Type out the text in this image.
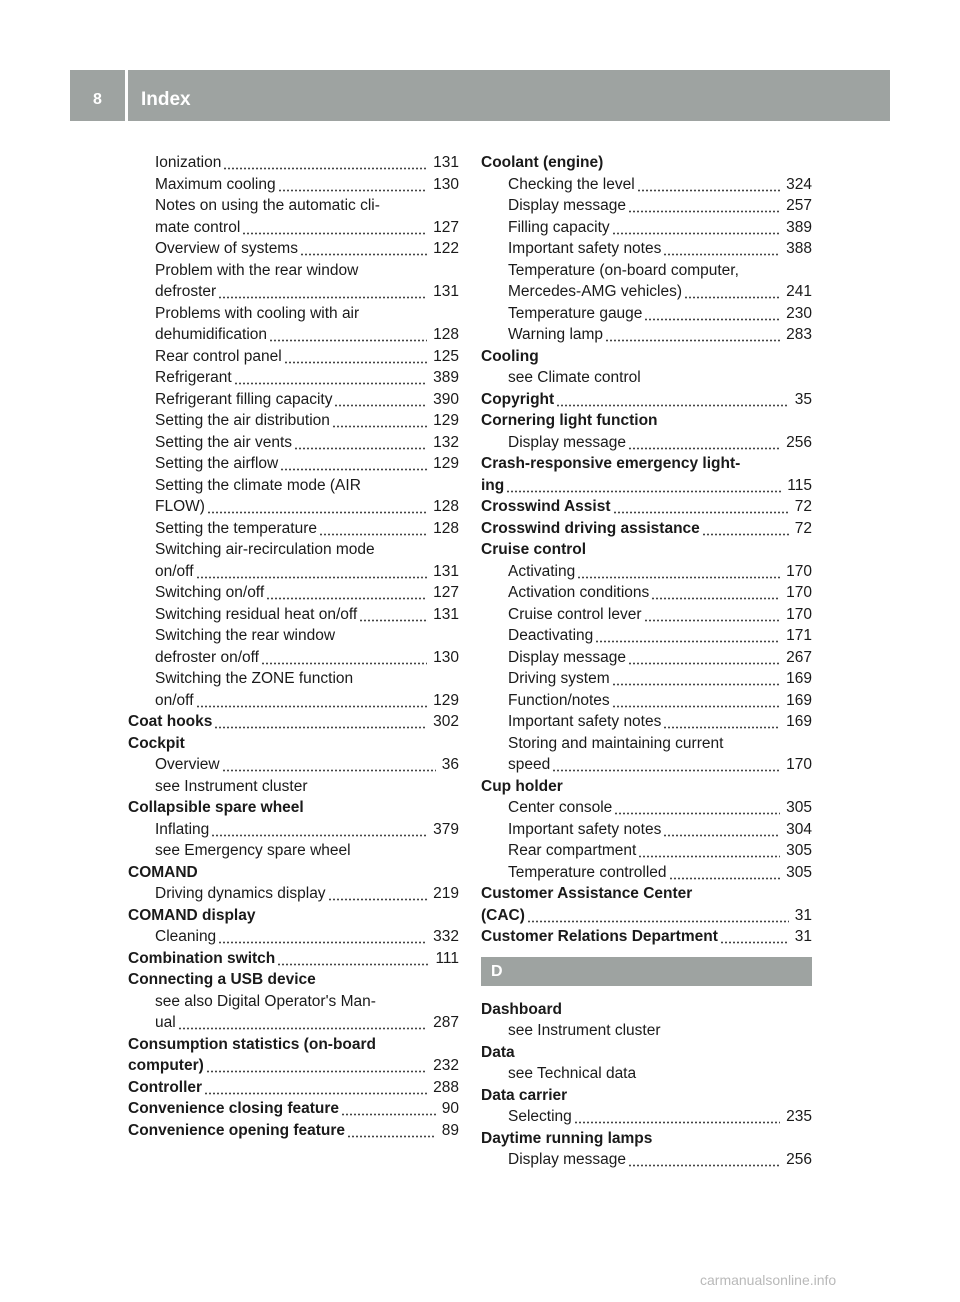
8	Index
Ionization	131
Maximum cooling	130
Notes on using the automatic cli-
mate control	127
Overview of systems	122
Problem with the rear window
defroster	131
Problems with cooling with air
dehumidification	128
Rear control panel	125
Refrigerant	389
Refrigerant filling capacity	390
Setting the air distribution	129
Setting the air vents	132
Setting the airflow	129
Setting the climate mode (AIR
FLOW)	128
Setting the temperature	128
Switching air-recirculation mode
on/off	131
Switching on/off	127
Switching residual heat on/off	131
Switching the rear window
defroster on/off	130
Switching the ZONE function
on/off	129
Coat hooks	302
Cockpit
Overview	36
see Instrument cluster
Collapsible spare wheel
Inflating	379
see Emergency spare wheel
COMAND
Driving dynamics display	219
COMAND display
Cleaning	332
Combination switch	111
Connecting a USB device
see also Digital Operator's Man-
ual	287
Consumption statistics (on-board
computer)	232
Controller	288
Convenience closing feature	90
Convenience opening feature	89
Coolant (engine)
Checking the level	324
Display message	257
Filling capacity	389
Important safety notes	388
Temperature (on-board computer,
Mercedes-AMG vehicles)	241
Temperature gauge	230
Warning lamp	283
Cooling
see Climate control
Copyright	35
Cornering light function
Display message	256
Crash-responsive emergency light-
ing	115
Crosswind Assist	72
Crosswind driving assistance	72
Cruise control
Activating	170
Activation conditions	170
Cruise control lever	170
Deactivating	171
Display message	267
Driving system	169
Function/notes	169
Important safety notes	169
Storing and maintaining current
speed	170
Cup holder
Center console	305
Important safety notes	304
Rear compartment	305
Temperature controlled	305
Customer Assistance Center
(CAC)	31
Customer Relations Department	31
D
Dashboard
see Instrument cluster
Data
see Technical data
Data carrier
Selecting	235
Daytime running lamps
Display message	256
carmanualsonline.info
